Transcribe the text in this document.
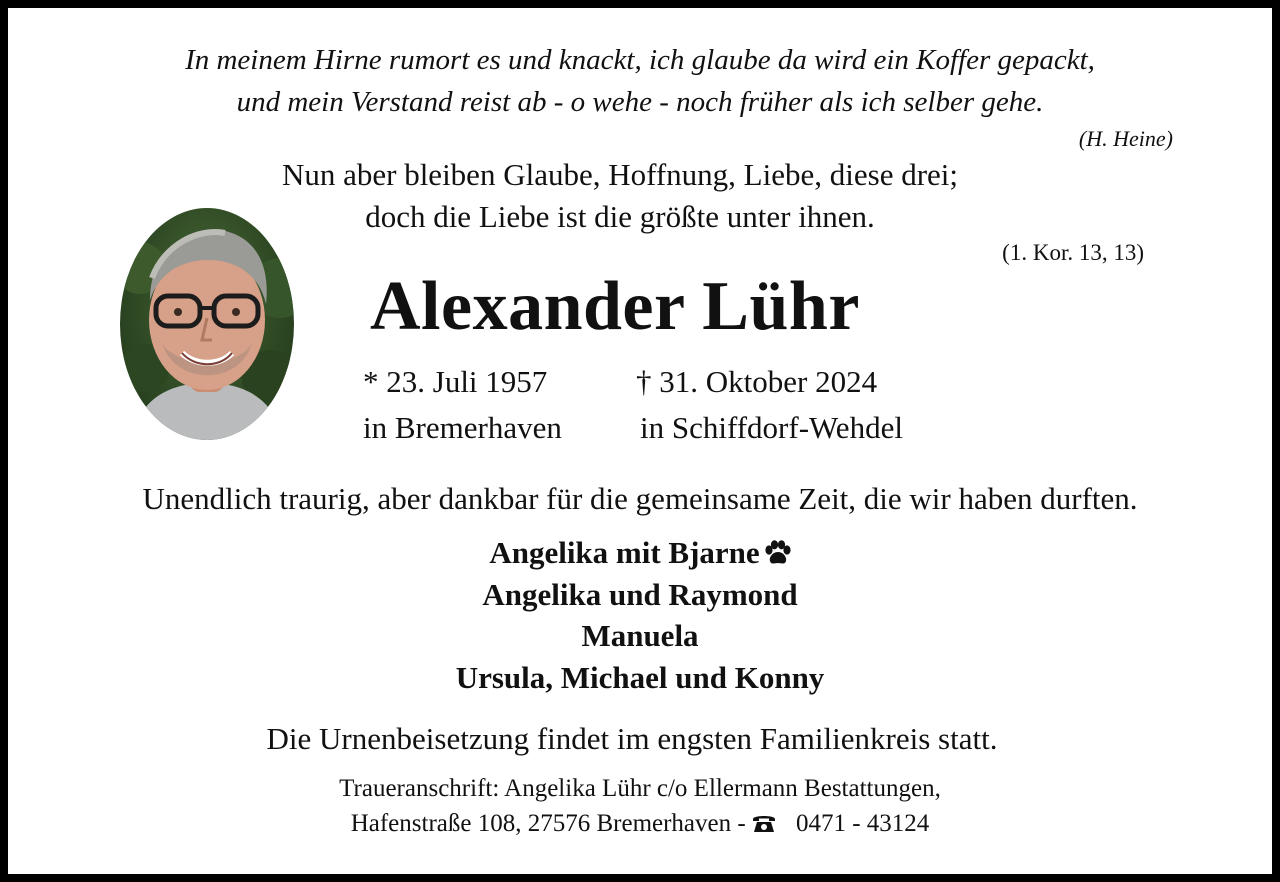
In meinem Hirne rumort es und knackt, ich glaube da wird ein Koffer gepackt,
und mein Verstand reist ab - o wehe - noch früher als ich selber gehe.
(H. Heine)
Nun aber bleiben Glaube, Hoffnung, Liebe, diese drei;
doch die Liebe ist die größte unter ihnen.
(1. Kor. 13, 13)
Alexander Lühr
* 23. Juli 1957
in Bremerhaven
† 31. Oktober 2024
in Schiffdorf-Wehdel
Unendlich traurig, aber dankbar für die gemeinsame Zeit, die wir haben durften.
Angelika mit Bjarne
Angelika und Raymond
Manuela
Ursula, Michael und Konny
Die Urnenbeisetzung findet im engsten Familienkreis statt.
Traueranschrift: Angelika Lühr c/o Ellermann Bestattungen,
Hafenstraße 108, 27576 Bremerhaven - 0471 - 43124
